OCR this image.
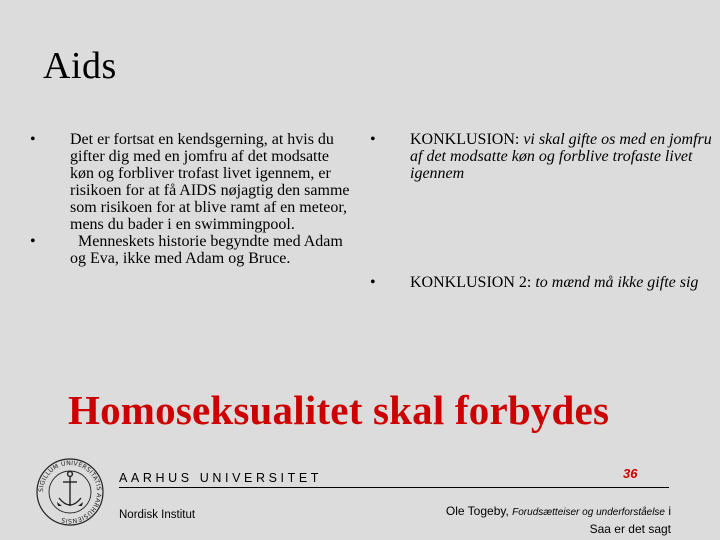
Aids
• Det er fortsat en kendsgerning, at hvis du gifter dig med en jomfru af det modsatte køn og forbliver trofast livet igennem, er risikoen for at få AIDS nøjagtig den samme som risikoen for at blive ramt af en meteor, mens du bader i en swimmingpool.
• Menneskets historie begyndte med Adam og Eva, ikke med Adam og Bruce.
• KONKLUSION: vi skal gifte os med en jomfru af det modsatte køn og forblive trofaste livet igennem
• KONKLUSION 2: to mænd må ikke gifte sig
Homoseksualitet skal forbydes
SIGILLUM UNIVERSITATIS AARHUSIENSIS
AARHUS UNIVERSITET
Nordisk Institut
36
Ole Togeby, Forudsætteiser og underforståelse i
Saa er det sagt
